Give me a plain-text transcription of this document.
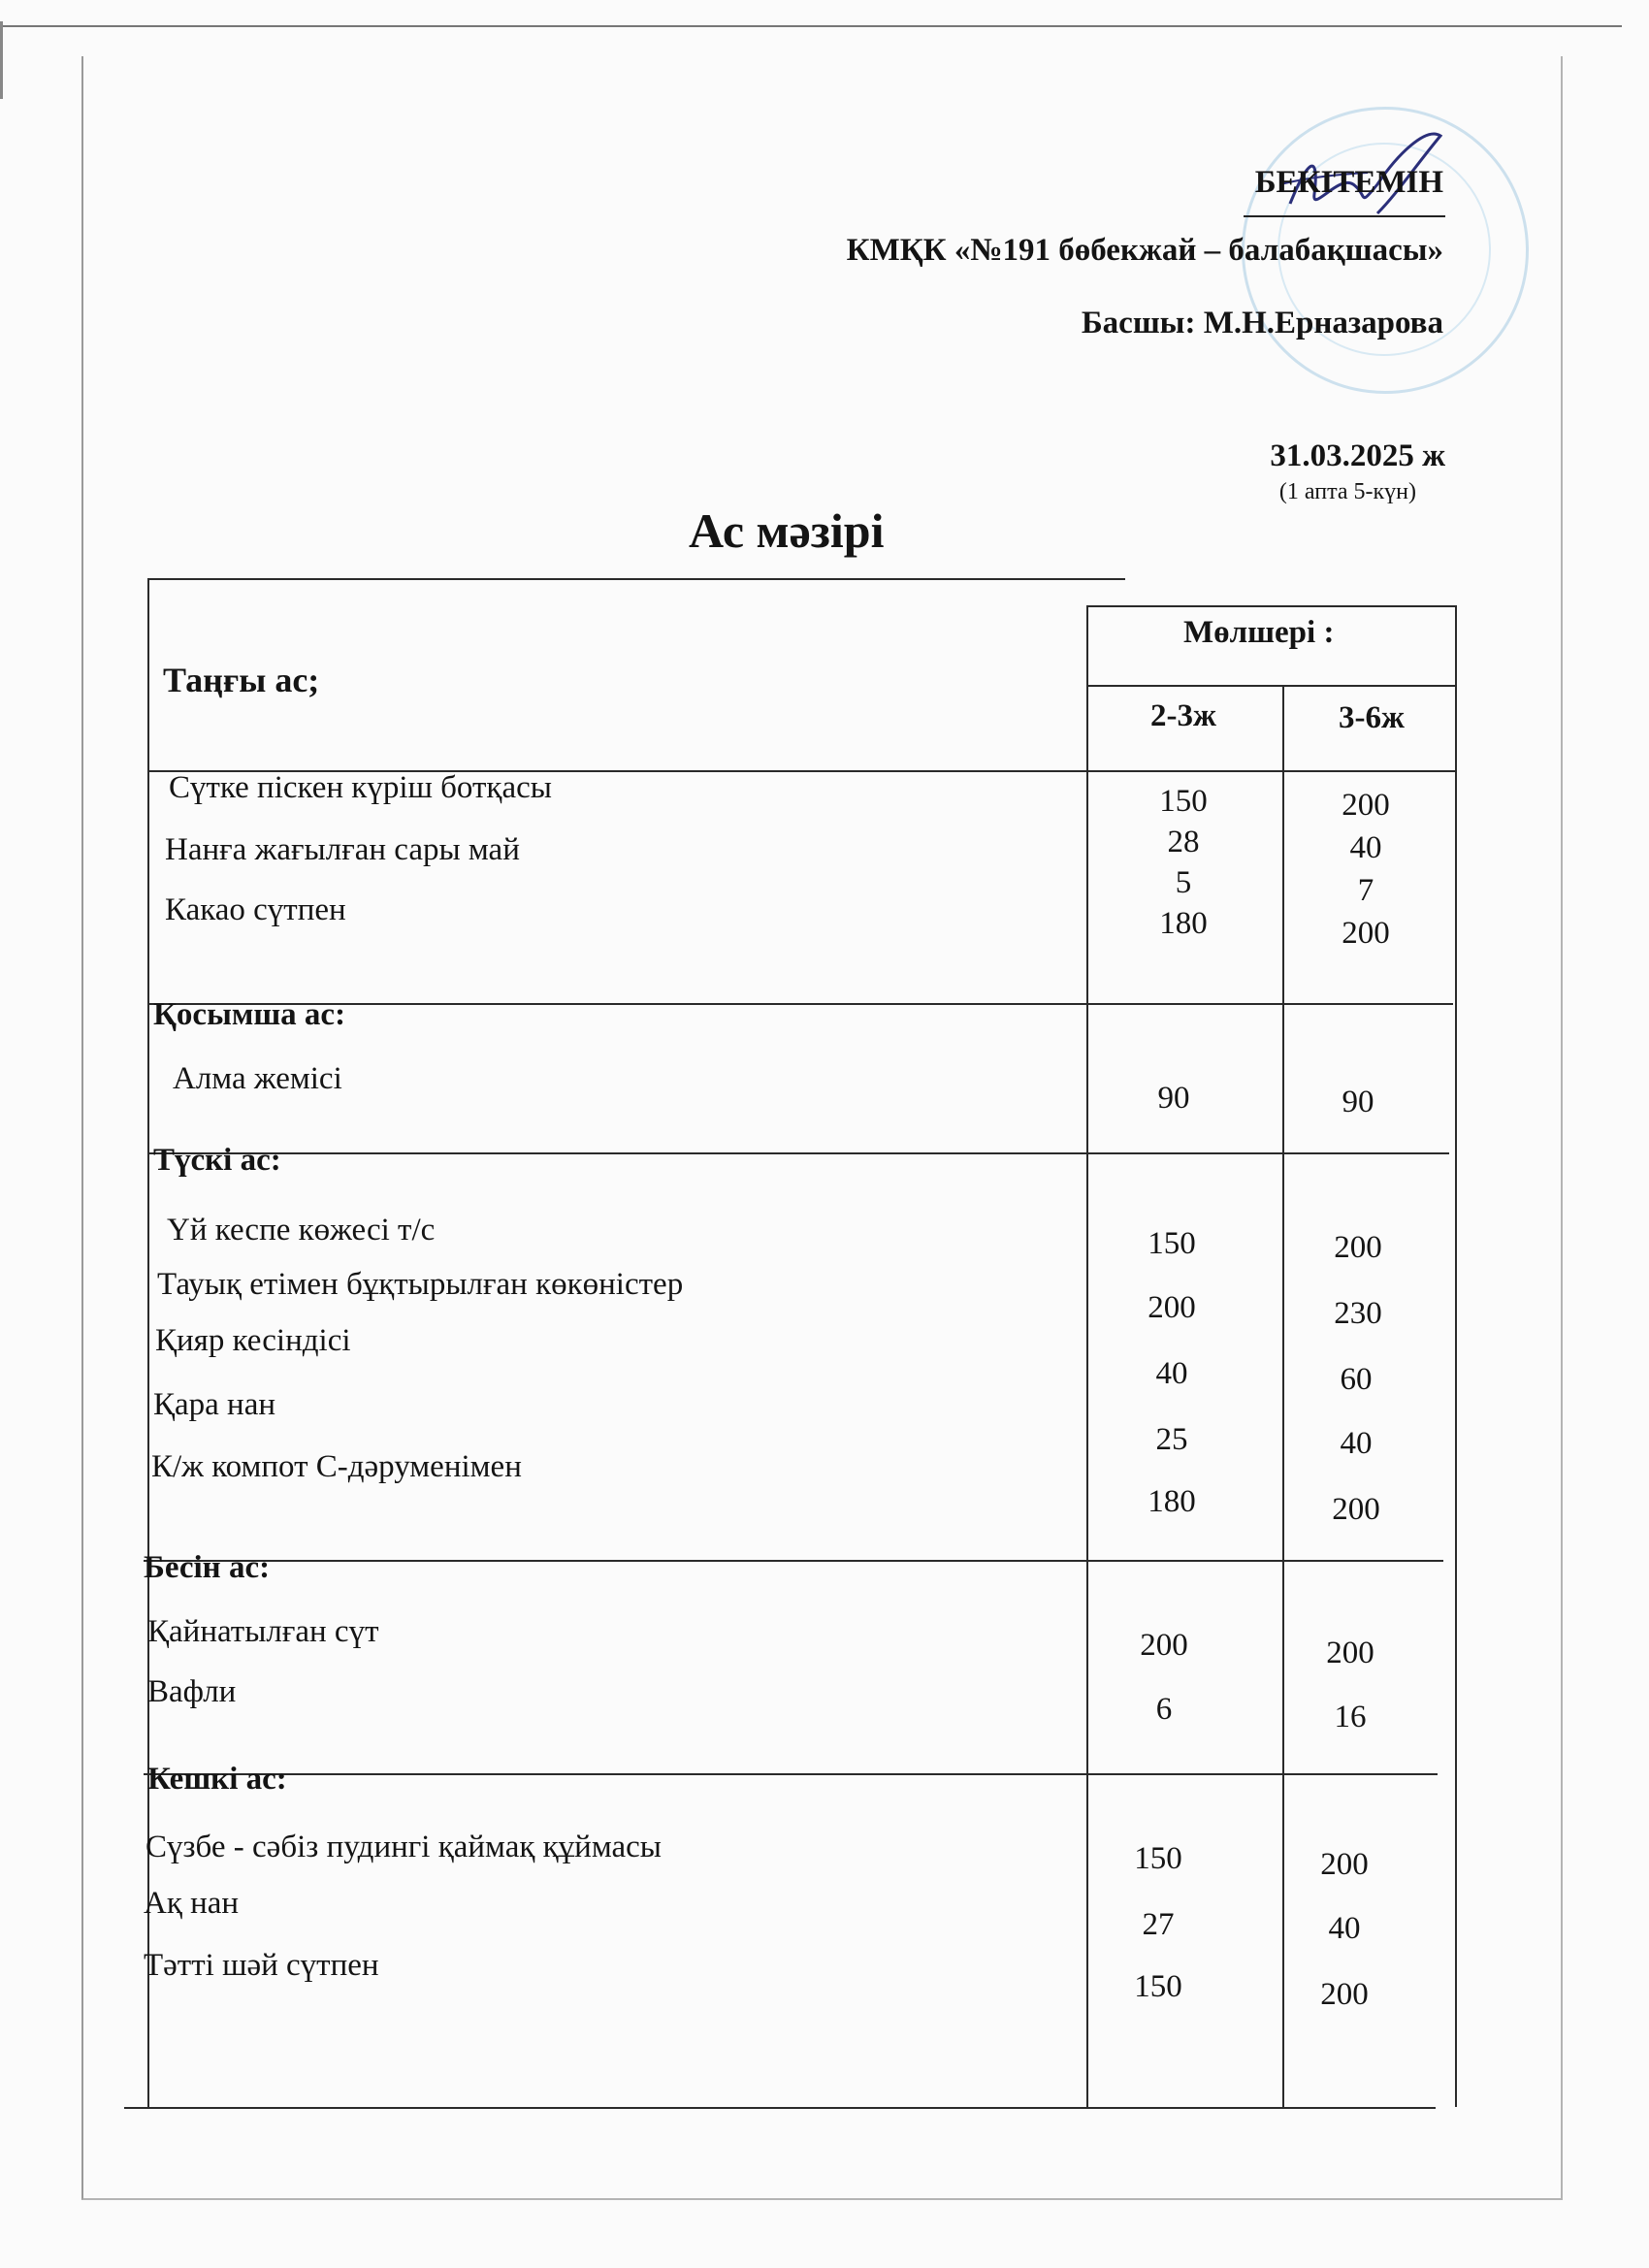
БЕКІТЕМІН
КМҚК «№191 бөбекжай – балабақшасы»
Басшы: М.Н.Ерназарова
31.03.2025 ж
(1 апта 5-күн)
Ас мәзірі
Таңғы ас;
Мөлшері :
2-3ж	3-6ж
Сүтке піскен күріш ботқасы
Нанға жағылған сары май
Какао сүтпен
150
28
5
180
200
40
7
200
Қосымша ас:
Алма жемісі
90	90
Түскі ас:
Үй кеспе көжесі т/с
Тауық етімен бұқтырылған көкөністер
Қияр кесіндісі
Қара нан
К/ж компот С-дәруменімен
150
200
40
25
180
200
230
60
40
200
Бесін ас:
Қайнатылған сүт
Вафли
200
6
200
16
Кешкі ас:
Сүзбе - сәбіз пудингі қаймақ құймасы
Ақ нан
Тәтті шәй сүтпен
150
27
150
200
40
200
